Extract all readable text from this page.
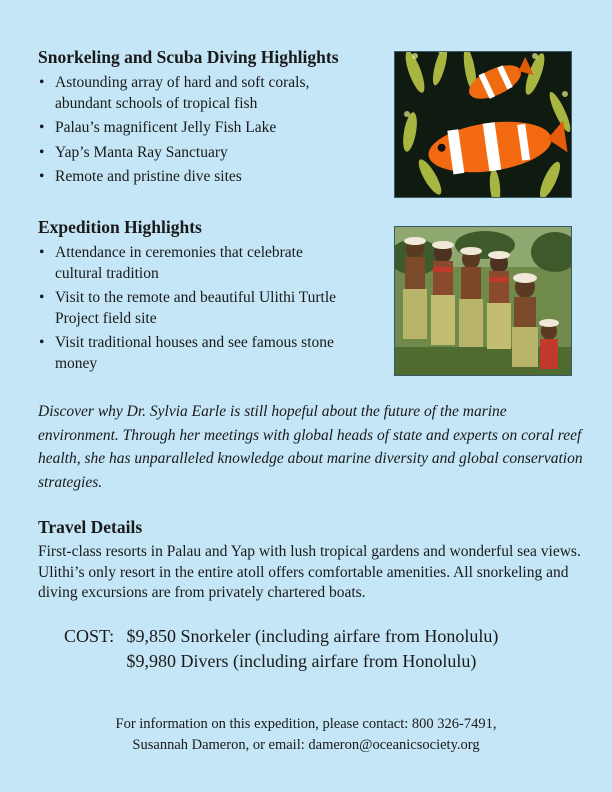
Snorkeling and Scuba Diving Highlights
• Astounding array of hard and soft corals, abundant schools of tropical fish
• Palau’s magnificent Jelly Fish Lake
• Yap’s Manta Ray Sanctuary
• Remote and pristine dive sites
Expedition Highlights
• Attendance in ceremonies that celebrate cultural tradition
• Visit to the remote and beautiful Ulithi Turtle Project field site
• Visit traditional houses and see famous stone money

Discover why Dr. Sylvia Earle is still hopeful about the future of the marine environment. Through her meetings with global heads of state and experts on coral reef health, she has unparalleled knowledge about marine diversity and global conservation strategies.

Travel Details

First-class resorts in Palau and Yap with lush tropical gardens and wonderful sea views. Ulithi’s only resort in the entire atoll offers comfortable amenities. All snorkeling and diving excursions are from privately chartered boats.

COST: $9,850 Snorkeler (including airfare from Honolulu)
$9,980 Divers (including airfare from Honolulu)
For information on this expedition, please contact: 800 326-7491,
Susannah Dameron, or email: dameron@oceanicsociety.org
